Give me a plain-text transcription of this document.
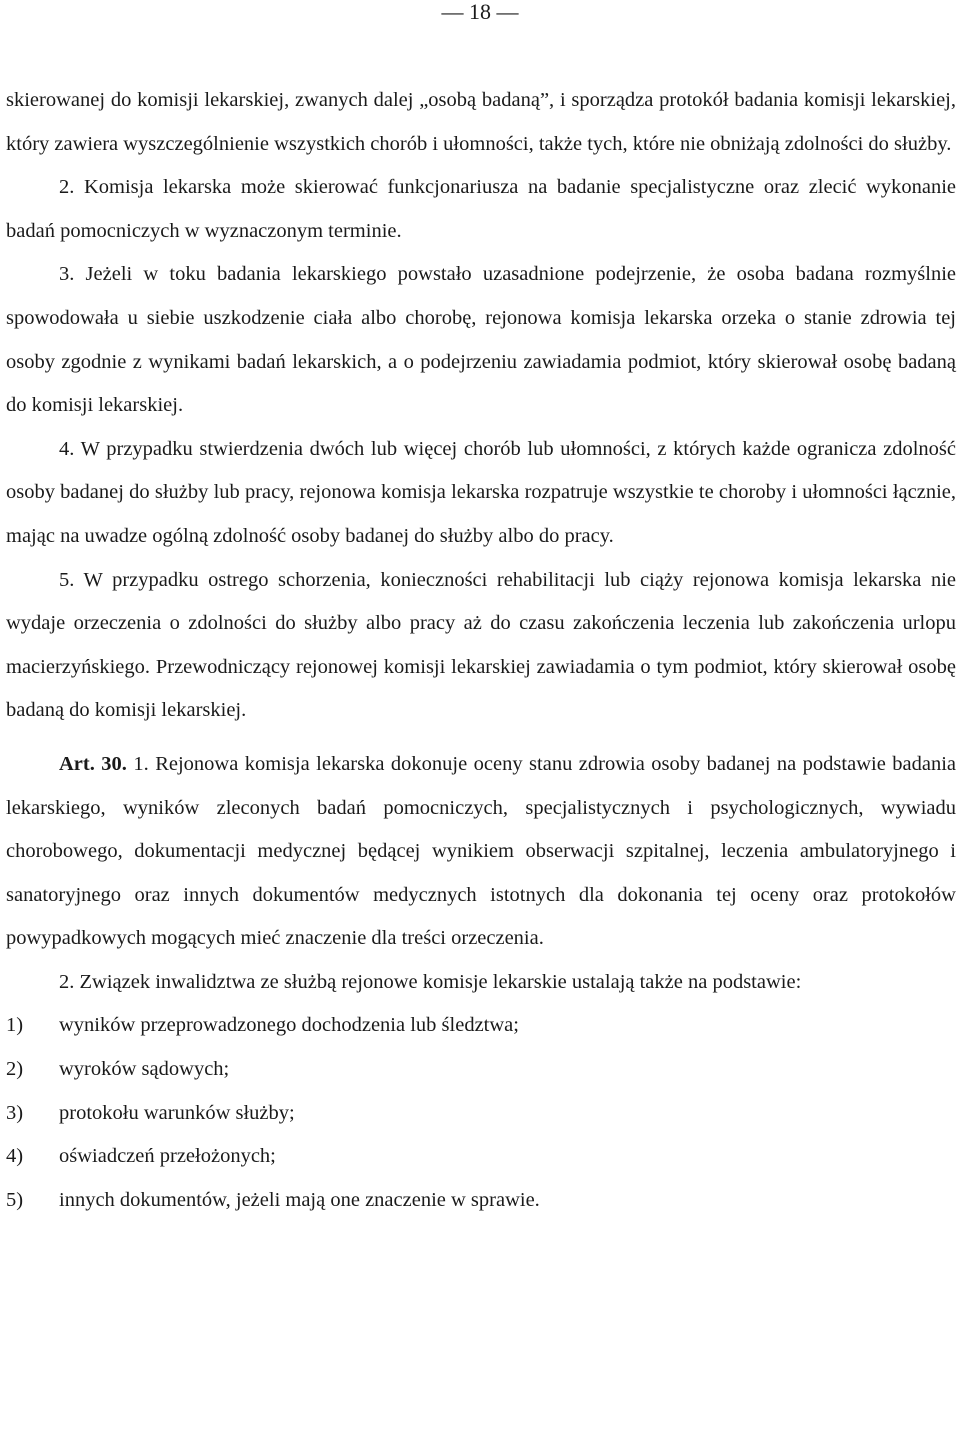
— 18 —

skierowanej do komisji lekarskiej, zwanych dalej „osobą badaną”, i sporządza protokół badania komisji lekarskiej, który zawiera wyszczególnienie wszystkich chorób i ułomności, także tych, które nie obniżają zdolności do służby.

2. Komisja lekarska może skierować funkcjonariusza na badanie specjalistyczne oraz zlecić wykonanie badań pomocniczych w wyznaczonym terminie.

3. Jeżeli w toku badania lekarskiego powstało uzasadnione podejrzenie, że osoba badana rozmyślnie spowodowała u siebie uszkodzenie ciała albo chorobę, rejonowa komisja lekarska orzeka o stanie zdrowia tej osoby zgodnie z wynikami badań lekarskich, a o podejrzeniu zawiadamia podmiot, który skierował osobę badaną do komisji lekarskiej.

4. W przypadku stwierdzenia dwóch lub więcej chorób lub ułomności, z których każde ogranicza zdolność osoby badanej do służby lub pracy, rejonowa komisja lekarska rozpatruje wszystkie te choroby i ułomności łącznie, mając na uwadze ogólną zdolność osoby badanej do służby albo do pracy.

5. W przypadku ostrego schorzenia, konieczności rehabilitacji lub ciąży rejonowa komisja lekarska nie wydaje orzeczenia o zdolności do służby albo pracy aż do czasu zakończenia leczenia lub zakończenia urlopu macierzyńskiego. Przewodniczący rejonowej komisji lekarskiej zawiadamia o tym podmiot, który skierował osobę badaną do komisji lekarskiej.

Art. 30. 1. Rejonowa komisja lekarska dokonuje oceny stanu zdrowia osoby badanej na podstawie badania lekarskiego, wyników zleconych badań pomocniczych, specjalistycznych i psychologicznych, wywiadu chorobowego, dokumentacji medycznej będącej wynikiem obserwacji szpitalnej, leczenia ambulatoryjnego i sanatoryjnego oraz innych dokumentów medycznych istotnych dla dokonania tej oceny oraz protokołów powypadkowych mogących mieć znaczenie dla treści orzeczenia.

2. Związek inwalidztwa ze służbą rejonowe komisje lekarskie ustalają także na podstawie:

1)	wyników przeprowadzonego dochodzenia lub śledztwa;
2)	wyroków sądowych;
3)	protokołu warunków służby;
4)	oświadczeń przełożonych;
5)	innych dokumentów, jeżeli mają one znaczenie w sprawie.
